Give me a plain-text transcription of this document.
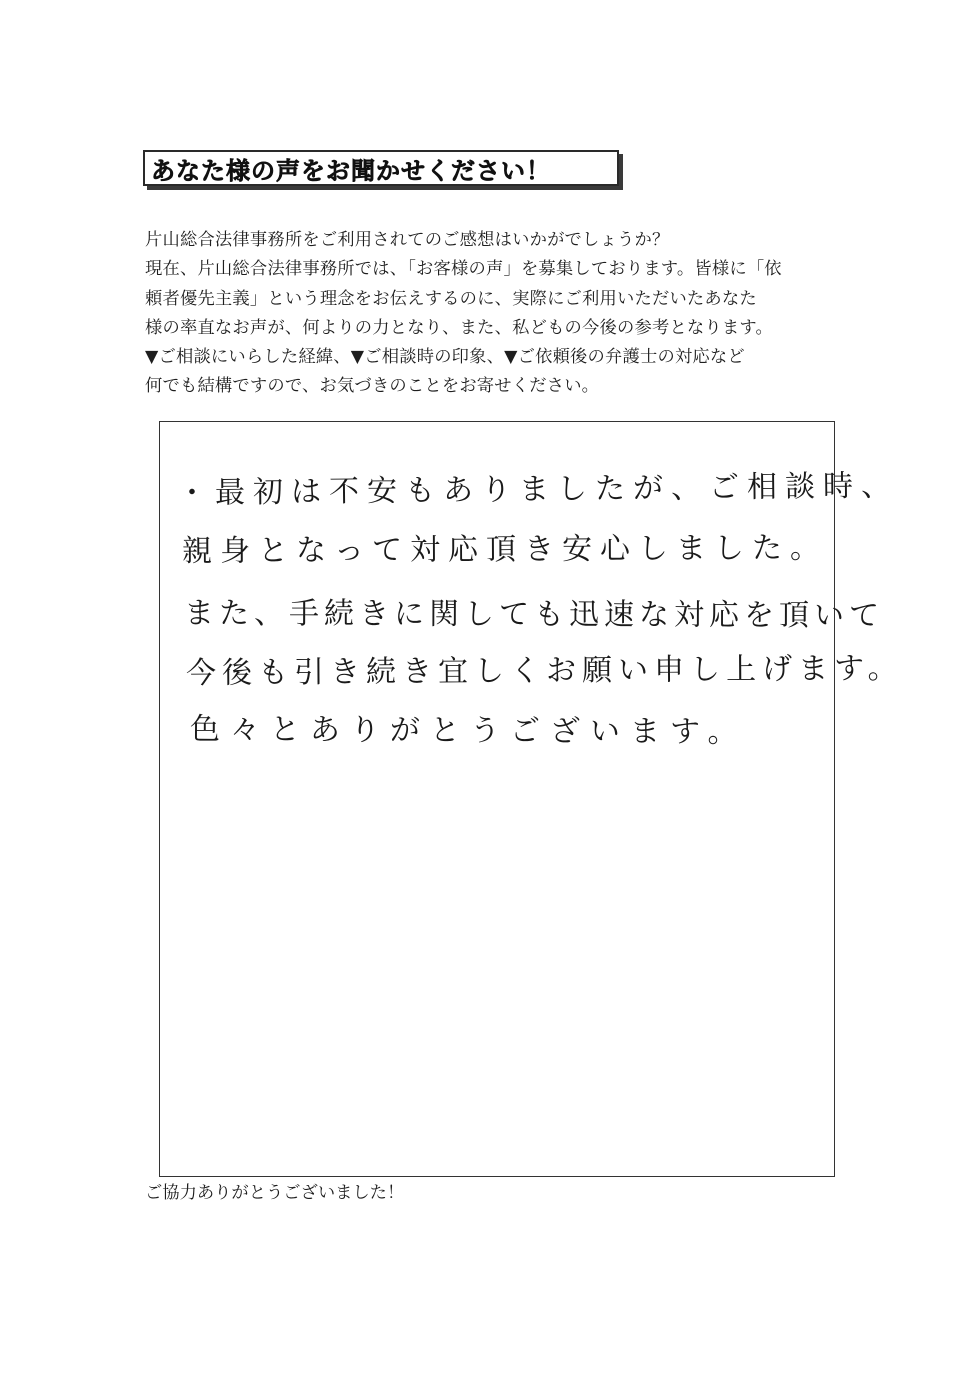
あなた様の声をお聞かせください！
片山総合法律事務所をご利用されてのご感想はいかがでしょうか？
現在、片山総合法律事務所では、「お客様の声」を募集しております。皆様に「依
頼者優先主義」という理念をお伝えするのに、実際にご利用いただいたあなた
様の率直なお声が、何よりの力となり、また、私どもの今後の参考となります。
▼ご相談にいらした経緯、▼ご相談時の印象、▼ご依頼後の弁護士の対応など
何でも結構ですので、お気づきのことをお寄せください。
・最初は不安もありましたが、ご相談時、
親身となって対応頂き安心しました。
また、手続きに関しても迅速な対応を頂いて
今後も引き続き宜しくお願い申し上げます。
色々とありがとうございます。
ご協力ありがとうございました！
